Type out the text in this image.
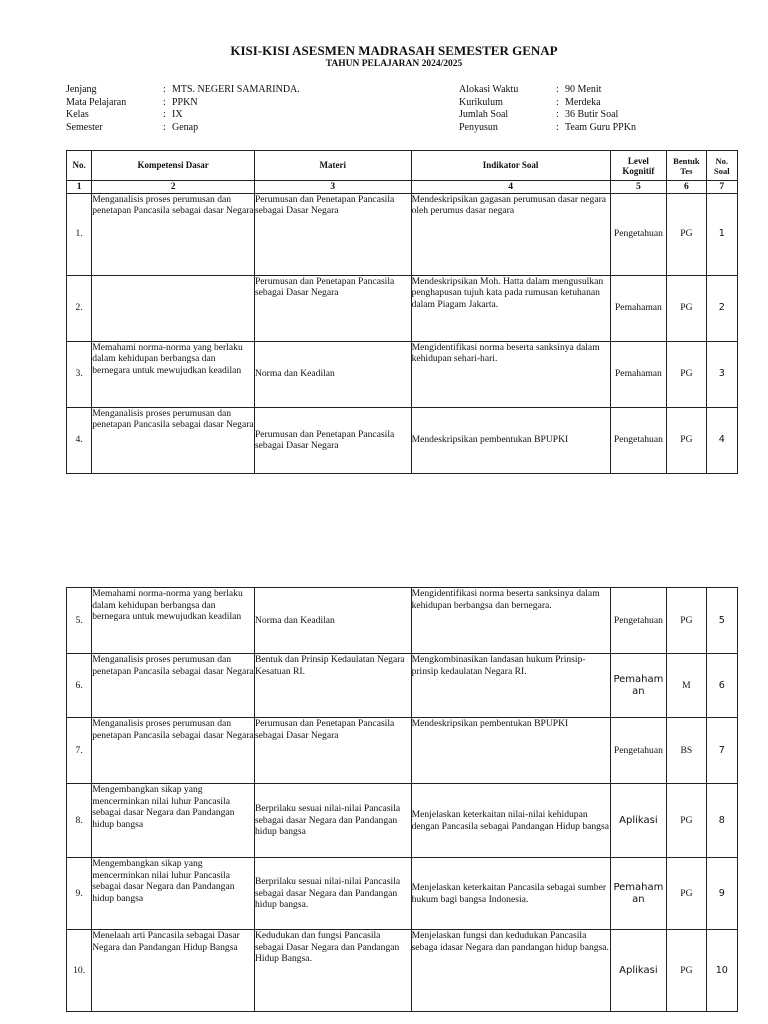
KISI-KISI ASESMEN MADRASAH SEMESTER GENAP
TAHUN PELAJARAN 2024/2025
Jenjang	: MTS. NEGERI SAMARINDA.
Mata Pelajaran	: PPKN
Kelas	: IX
Semester	: Genap
Alokasi Waktu	: 90 Menit
Kurikulum	: Merdeka
Jumlah Soal	: 36 Butir Soal
Penyusun	: Team Guru PPKn
No.	Kompetensi Dasar	Materi	Indikator Soal	Level Kognitif	Bentuk Tes	No. Soal
1	2	3	4	5	6	7
1.	Menganalisis proses perumusan dan penetapan Pancasila sebagai dasar Negara	Perumusan dan Penetapan Pancasila sebagai Dasar Negara	Mendeskripsikan gagasan perumusan dasar negara oleh perumus dasar negara	Pengetahuan	PG	1
2.		Perumusan dan Penetapan Pancasila sebagai Dasar Negara	Mendeskripsikan Moh. Hatta dalam mengusulkan penghapusan tujuh kata pada rumusan ketuhanan dalam Piagam Jakarta.	Pemahaman	PG	2
3.	Memahami norma-norma yang berlaku dalam kehidupan berbangsa dan bernegara untuk mewujudkan keadilan	Norma dan Keadilan	Mengidentifikasi norma beserta sanksinya dalam kehidupan sehari-hari.	Pemahaman	PG	3
4.	Menganalisis proses perumusan dan penetapan Pancasila sebagai dasar Negara	Perumusan dan Penetapan Pancasila sebagai Dasar Negara	Mendeskripsikan pembentukan BPUPKI	Pengetahuan	PG	4
5.	Memahami norma-norma yang berlaku dalam kehidupan berbangsa dan bernegara untuk mewujudkan keadilan	Norma dan Keadilan	Mengidentifikasi norma beserta sanksinya dalam kehidupan berbangsa dan bernegara.	Pengetahuan	PG	5
6.	Menganalisis proses perumusan dan penetapan Pancasila sebagai dasar Negara	Bentuk dan Prinsip Kedaulatan Negara Kesatuan RI.	Mengkombinasikan landasan hukum Prinsip-prinsip kedaulatan Negara RI.	Pemaham an	M	6
7.	Menganalisis proses perumusan dan penetapan Pancasila sebagai dasar Negara	Perumusan dan Penetapan Pancasila sebagai Dasar Negara	Mendeskripsikan pembentukan BPUPKI	Pengetahuan	BS	7
8.	Mengembangkan sikap yang mencerminkan nilai luhur Pancasila sebagai dasar Negara dan Pandangan hidup bangsa	Berprilaku sesuai nilai-nilai Pancasila sebagai dasar Negara dan Pandangan hidup bangsa	Menjelaskan keterkaitan nilai-nilai kehidupan dengan Pancasila sebagai Pandangan Hidup bangsa	Aplikasi	PG	8
9.	Mengembangkan sikap yang mencerminkan nilai luhur Pancasila sebagai dasar Negara dan Pandangan hidup bangsa	Berprilaku sesuai nilai-nilai Pancasila sebagai dasar Negara dan Pandangan hidup bangsa.	Menjelaskan keterkaitan Pancasila sebagai sumber hukum bagi bangsa Indonesia.	Pemaham an	PG	9
10.	Menelaah arti Pancasila sebagai Dasar Negara dan Pandangan Hidup Bangsa	Kedudukan dan fungsi Pancasila sebagai Dasar Negara dan Pandangan Hidup Bangsa.	Menjelaskan fungsi dan kedudukan Pancasila sebaga idasar Negara dan pandangan hidup bangsa.	Aplikasi	PG	10
